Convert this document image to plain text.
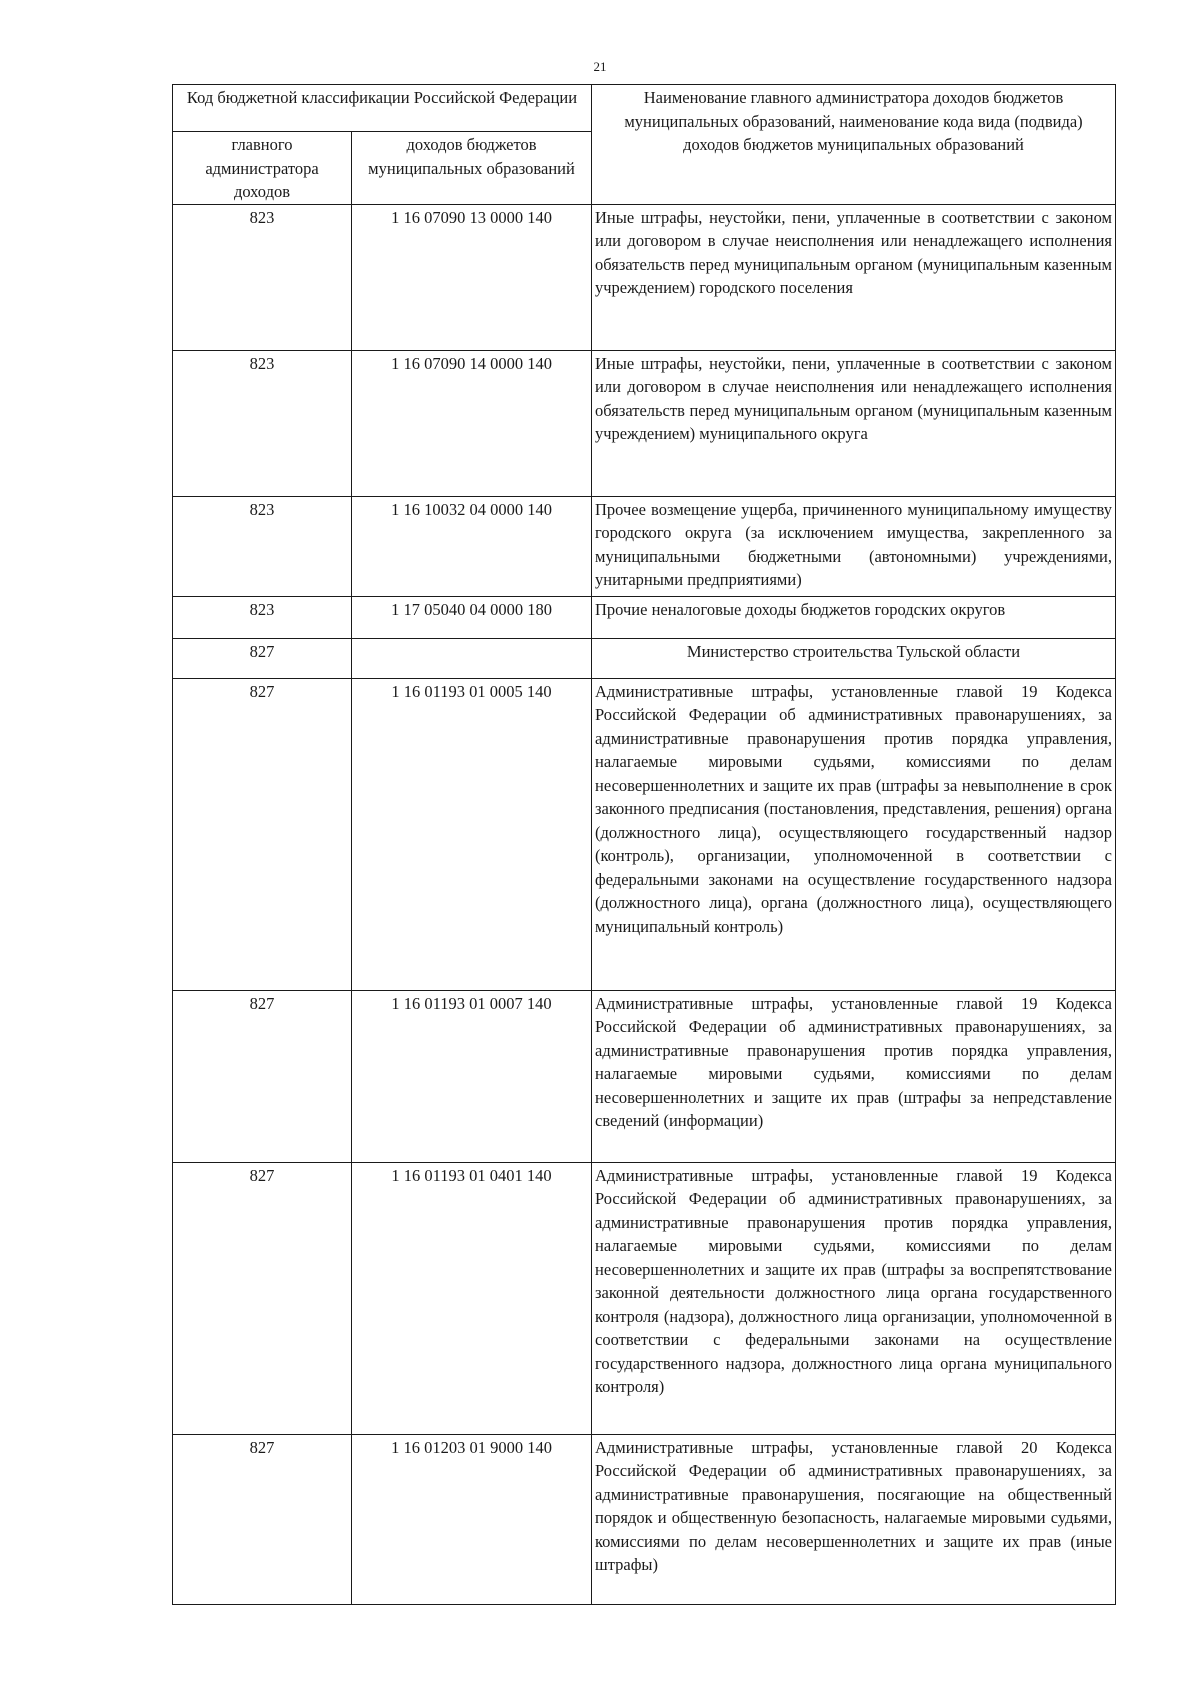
21
Код бюджетной классификации Российской Федерации		Наименование главного администратора доходов бюджетов муниципальных образований, наименование кода вида (подвида) доходов бюджетов муниципальных образований
главного администратора доходов	доходов бюджетов муниципальных образований	
823	1 16 07090 13 0000 140	Иные штрафы, неустойки, пени, уплаченные в соответствии с законом или договором в случае неисполнения или ненадлежащего исполнения обязательств перед муниципальным органом (муниципальным казенным учреждением) городского поселения
823	1 16 07090 14 0000 140	Иные штрафы, неустойки, пени, уплаченные в соответствии с законом или договором в случае неисполнения или ненадлежащего исполнения обязательств перед муниципальным органом (муниципальным казенным учреждением) муниципального округа
823	1 16 10032 04 0000 140	Прочее возмещение ущерба, причиненного муниципальному имуществу городского округа (за исключением имущества, закрепленного за муниципальными бюджетными (автономными) учреждениями, унитарными предприятиями)
823	1 17 05040 04 0000 180	Прочие неналоговые доходы бюджетов городских округов
827		Министерство строительства Тульской области
827	1 16 01193 01 0005 140	Административные штрафы, установленные главой 19 Кодекса Российской Федерации об административных правонарушениях, за административные правонарушения против порядка управления, налагаемые мировыми судьями, комиссиями по делам несовершеннолетних и защите их прав (штрафы за невыполнение в срок законного предписания (постановления, представления, решения) органа (должностного лица), осуществляющего государственный надзор (контроль), организации, уполномоченной в соответствии с федеральными законами на осуществление государственного надзора (должностного лица), органа (должностного лица), осуществляющего муниципальный контроль)
827	1 16 01193 01 0007 140	Административные штрафы, установленные главой 19 Кодекса Российской Федерации об административных правонарушениях, за административные правонарушения против порядка управления, налагаемые мировыми судьями, комиссиями по делам несовершеннолетних и защите их прав (штрафы за непредставление сведений (информации)
827	1 16 01193 01 0401 140	Административные штрафы, установленные главой 19 Кодекса Российской Федерации об административных правонарушениях, за административные правонарушения против порядка управления, налагаемые мировыми судьями, комиссиями по делам несовершеннолетних и защите их прав (штрафы за воспрепятствование законной деятельности должностного лица органа государственного контроля (надзора), должностного лица организации, уполномоченной в соответствии с федеральными законами на осуществление государственного надзора, должностного лица органа муниципального контроля)
827	1 16 01203 01 9000 140	Административные штрафы, установленные главой 20 Кодекса Российской Федерации об административных правонарушениях, за административные правонарушения, посягающие на общественный порядок и общественную безопасность, налагаемые мировыми судьями, комиссиями по делам несовершеннолетних и защите их прав (иные штрафы)
